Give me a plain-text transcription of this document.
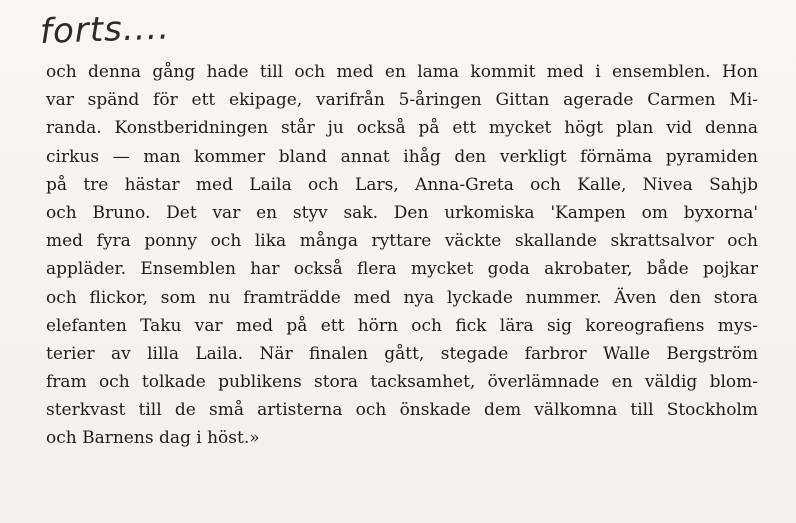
forts....
och denna gång hade till och med en lama kommit med i ensemblen. Hon
var spänd för ett ekipage, varifrån 5-åringen Gittan agerade Carmen Mi-
randa. Konstberidningen står ju också på ett mycket högt plan vid denna
cirkus — man kommer bland annat ihåg den verkligt förnäma pyramiden
på tre hästar med Laila och Lars, Anna-Greta och Kalle, Nivea Sahjb
och Bruno. Det var en styv sak. Den urkomiska 'Kampen om byxorna'
med fyra ponny och lika många ryttare väckte skallande skrattsalvor och
appläder. Ensemblen har också flera mycket goda akrobater, både pojkar
och flickor, som nu framträdde med nya lyckade nummer. Även den stora
elefanten Taku var med på ett hörn och fick lära sig koreografiens mys-
terier av lilla Laila. När finalen gått, stegade farbror Walle Bergström
fram och tolkade publikens stora tacksamhet, överlämnade en väldig blom-
sterkvast till de små artisterna och önskade dem välkomna till Stockholm
och Barnens dag i höst.»
